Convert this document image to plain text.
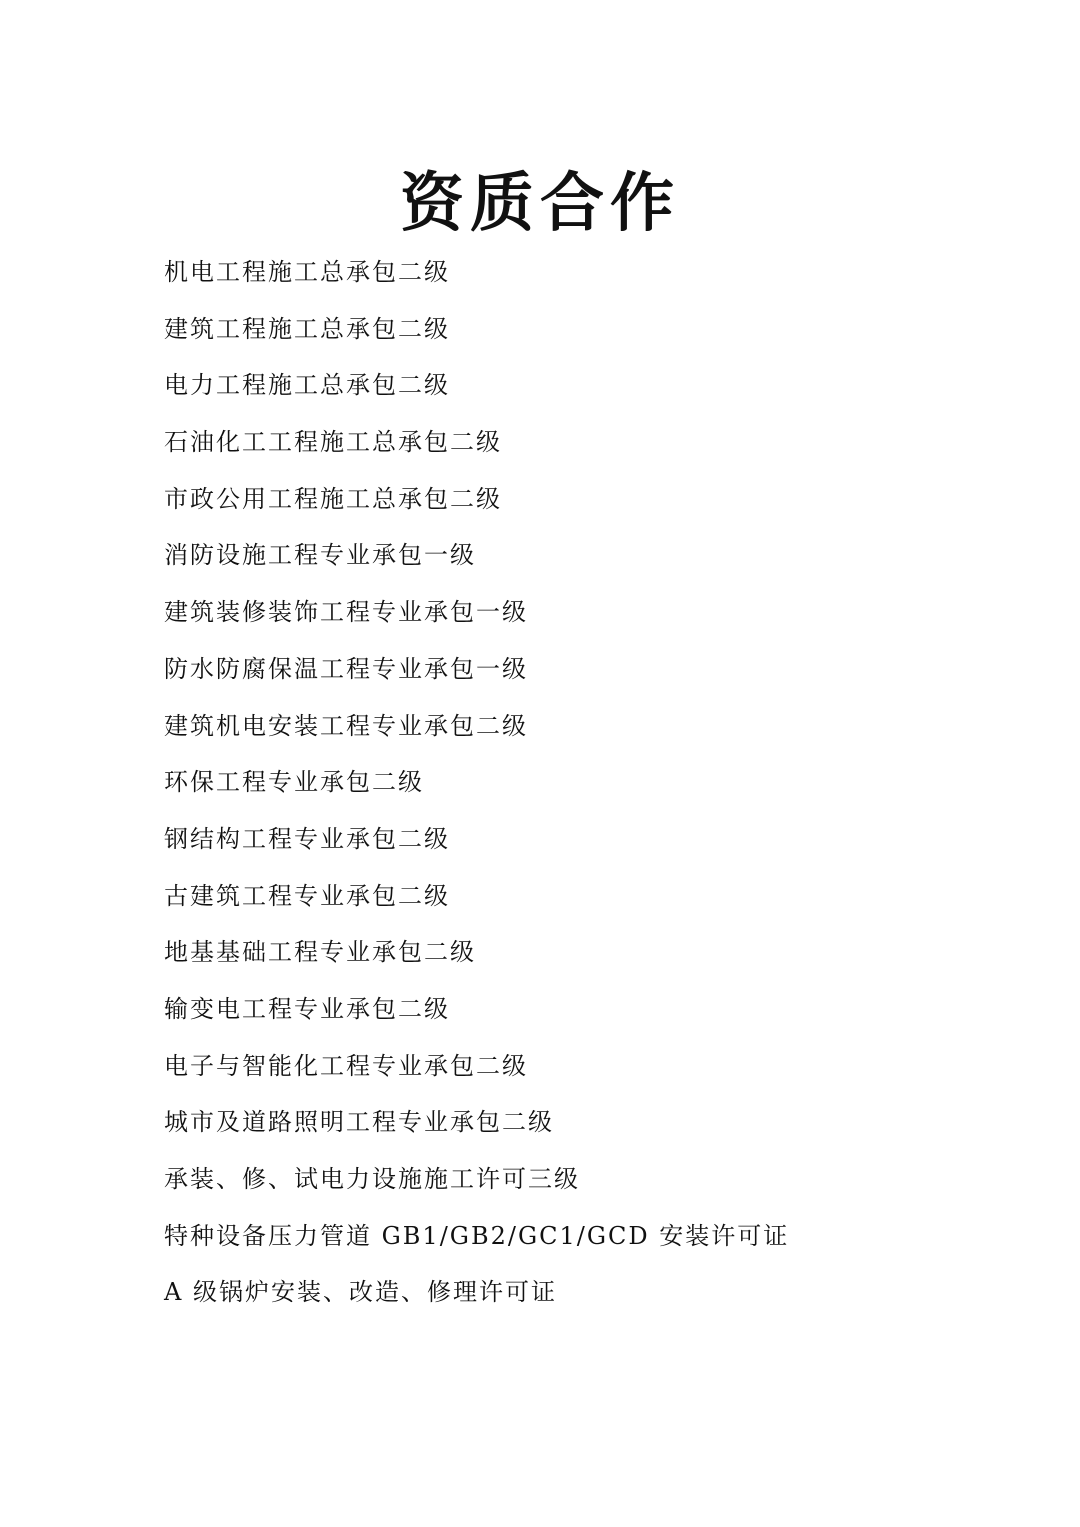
资质合作
机电工程施工总承包二级
建筑工程施工总承包二级
电力工程施工总承包二级
石油化工工程施工总承包二级
市政公用工程施工总承包二级
消防设施工程专业承包一级
建筑装修装饰工程专业承包一级
防水防腐保温工程专业承包一级
建筑机电安装工程专业承包二级
环保工程专业承包二级
钢结构工程专业承包二级
古建筑工程专业承包二级
地基基础工程专业承包二级
输变电工程专业承包二级
电子与智能化工程专业承包二级
城市及道路照明工程专业承包二级
承装、修、试电力设施施工许可三级
特种设备压力管道 GB1/GB2/GC1/GCD 安装许可证
A 级锅炉安装、改造、修理许可证
